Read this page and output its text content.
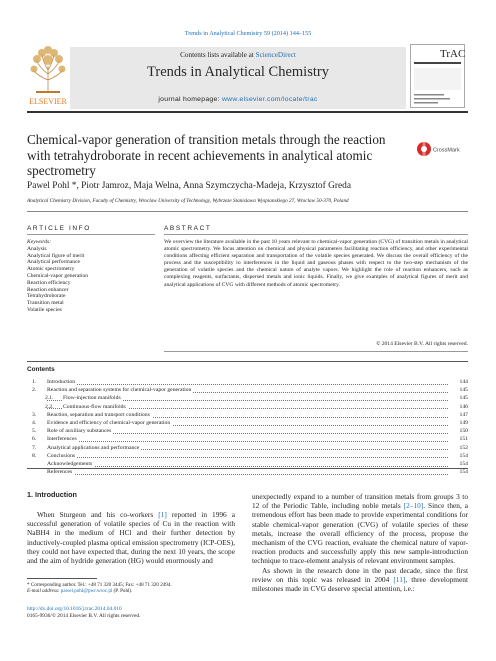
Trends in Analytical Chemistry 59 (2014) 144–155
Contents lists available at ScienceDirect
Trends in Analytical Chemistry
journal homepage: www.elsevier.com/locate/trac
ELSEVIER
TrAC
Chemical-vapor generation of transition metals through the reaction with tetrahydroborate in recent achievements in analytical atomic spectrometry
CrossMark
Pawel Pohl *, Piotr Jamroz, Maja Welna, Anna Szymczycha-Madeja, Krzysztof Greda
Analytical Chemistry Division, Faculty of Chemistry, Wroclaw University of Technology, Wybrzeze Stanislawa Wyspianskiego 27, Wroclaw 50-370, Poland
ARTICLE INFO	ABSTRACT
Keywords:
Analysis
Analytical figure of merit
Analytical performance
Atomic spectrometry
Chemical-vapor generation
Reaction efficiency
Reaction enhancer
Tetrahydroborate
Transition metal
Volatile species
We overview the literature available in the past 10 years relevant to chemical-vapor generation (CVG) of transition metals in analytical atomic spectrometry. We focus attention on chemical and physical parameters facilitating reaction efficiency, and other experimental conditions affecting efficient separation and transportation of the volatile species generated. We discuss the overall efficiency of the process and the susceptibility to interferences in the liquid and gaseous phases with respect to the two-step mechanism of the generation of volatile species and the chemical nature of analyte vapors. We highlight the role of reaction enhancers, such as complexing reagents, surfactants, dispersed metals and ionic liquids. Finally, we give examples of analytical figures of merit and analytical applications of CVG with different methods of atomic spectrometry.
© 2014 Elsevier B.V. All rights reserved.
Contents
1. Introduction	144
2. Reaction and separation systems for chemical-vapor generation	145
2.1. Flow-injection manifolds	145
2.2. Continuous-flow manifolds	146
3. Reaction, separation and transport conditions	147
4. Evidence and efficiency of chemical-vapor generation	149
5. Role of auxiliary substances	150
6. Interferences	151
7. Analytical applications and performance	152
8. Conclusions	154
Acknowledgements	154
References	154
1. Introduction
When Sturgeon and his co-workers [1] reported in 1996 a successful generation of volatile species of Cu in the reaction with NaBH4 in the medium of HCl and their further detection by inductively-coupled plasma optical emission spectrometry (ICP-OES), they could not have expected that, during the next 10 years, the scope and the aim of hydride generation (HG) would enormously and

unexpectedly expand to a number of transition metals from groups 3 to 12 of the Periodic Table, including noble metals [2–10]. Since then, a tremendous effort has been made to provide experimental conditions for stable chemical-vapor generation (CVG) of volatile species of these metals, increase the overall efficiency of the process, propose the mechanism of the CVG reaction, evaluate the chemical nature of vapor-reaction products and successfully apply this new sample-introduction technique to trace-element analysis of relevant environment samples.

As shown in the research done in the past decade, since the first review on this topic was released in 2004 [11], three development milestones made in CVG deserve special attention, i.e.:

* Corresponding author. Tel.: +48 71 320 3445; Fax: +48 71 320 2494.
E-mail address: pawel.pohl@pwr.wroc.pl (P. Pohl).
http://dx.doi.org/10.1016/j.trac.2014.04.010
0165-9936/© 2014 Elsevier B.V. All rights reserved.
